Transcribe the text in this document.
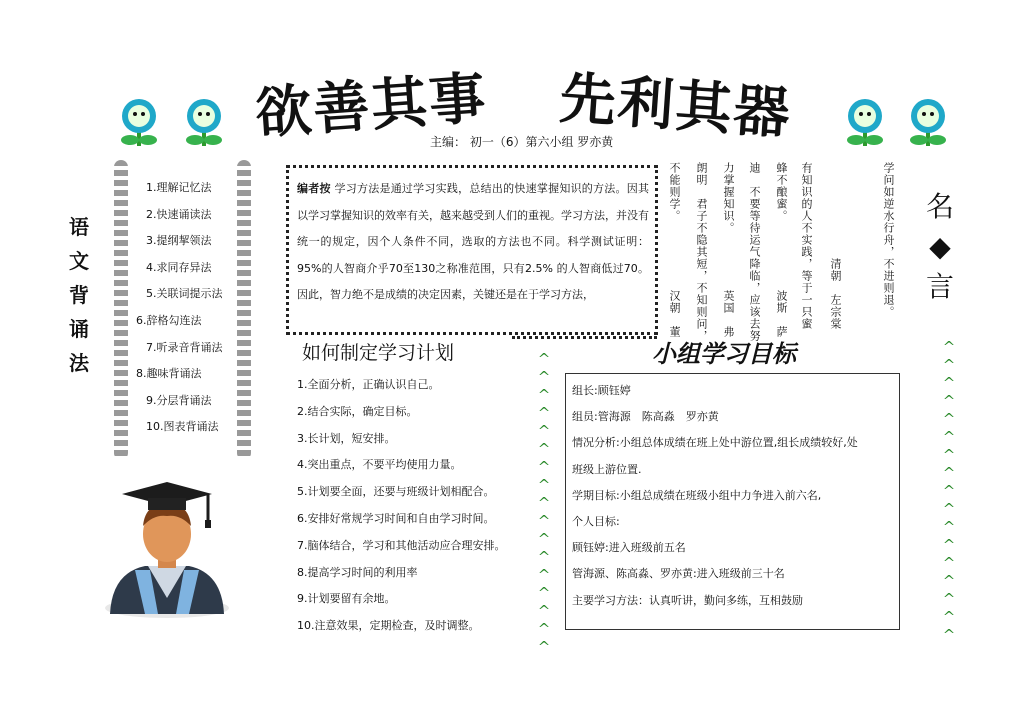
欲善其事 先利其器
主编： 初一（6）第六小组 罗亦黄
语
文
背
诵
法
1.理解记忆法
2.快速诵读法
3.提纲挈领法
4.求同存异法
5.关联词提示法
6.辞格勾连法
7.听录音背诵法
8.趣味背诵法
9.分层背诵法
10.图表背诵法
编者按 学习方法是通过学习实践，总结出的快速掌握知识的方法。因其以学习掌握知识的效率有关，越来越受到人们的重视。学习方法，并没有统一的规定，因个人条件不同，选取的方法也不同。科学测试证明： 95%的人智商介乎70至130之称准范围，只有2.5% 的人智商低过70。因此，智力绝不是成绩的决定因素，关键还是在于学习方法，
如何制定学习计划
1.全面分析，正确认识自己。
2.结合实际，确定目标。
3.长计划，短安排。
4.突出重点，不要平均使用力量。
5.计划要全面，还要与班级计划相配合。
6.安排好常规学习时间和自由学习时间。
7.脑体结合，学习和其他活动应合理安排。
8.提高学习时间的利用率
9.计划要留有余地。
10.注意效果，定期检查，及时调整。
^
^
^
^
^
^
^
^
^
^
^
^
^
^
^
^
^
^
^
^
^
^
^
^
^
^
^
^
^
^
^
^
^
^
小组学习目标
组长:顾钰婷
组员:管海源　陈高淼　罗亦黄
情况分析:小组总体成绩在班上处中游位置,组长成绩较好,处
班级上游位置.
学期目标:小组总成绩在班级小组中力争进入前六名,
个人目标:
顾钰婷:进入班级前五名
管海源、陈高淼、罗亦黄:进入班级前三十名
主要学习方法：认真听讲，勤问多练，互相鼓励
名
◆
言
学问如逆水行舟，不进则退。
清朝　左宗棠
有知识的人不实践，等于一只蜜
蜂不酿蜜。
波斯　萨
迪　不要等待运气降临，应该去努
力掌握知识。
英国　弗
朗明　君子不隐其短，不知则问，
汉朝　董
不能则学。
